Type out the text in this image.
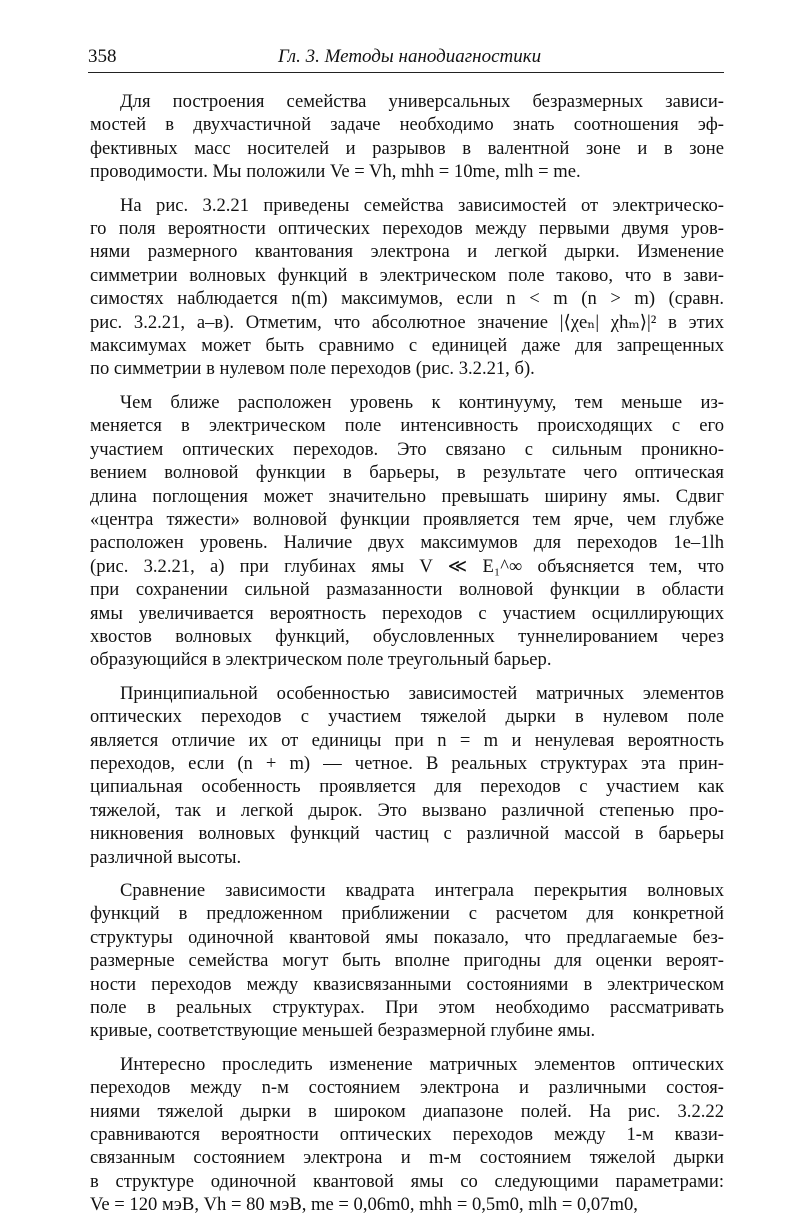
358	Гл. 3. Методы нанодиагностики
Для построения семейства универсальных безразмерных зависи-
мостей в двухчастичной задаче необходимо знать соотношения эф-
фективных масс носителей и разрывов в валентной зоне и в зоне
проводимости. Мы положили Ve = Vh, mhh = 10me, mlh = me.
На рис. 3.2.21 приведены семейства зависимостей от электрическо-
го поля вероятности оптических переходов между первыми двумя уров-
нями размерного квантования электрона и легкой дырки. Изменение
симметрии волновых функций в электрическом поле таково, что в зави-
симостях наблюдается n(m) максимумов, если n < m (n > m) (сравн.
рис. 3.2.21, а–в). Отметим, что абсолютное значение |⟨χeₙ| χhₘ⟩|² в этих
максимумах может быть сравнимо с единицей даже для запрещенных
по симметрии в нулевом поле переходов (рис. 3.2.21, б).
Чем ближе расположен уровень к континууму, тем меньше из-
меняется в электрическом поле интенсивность происходящих с его
участием оптических переходов. Это связано с сильным проникно-
вением волновой функции в барьеры, в результате чего оптическая
длина поглощения может значительно превышать ширину ямы. Сдвиг
«центра тяжести» волновой функции проявляется тем ярче, чем глубже
расположен уровень. Наличие двух максимумов для переходов 1e–1lh
(рис. 3.2.21, а) при глубинах ямы V ≪ E₁^∞ объясняется тем, что
при сохранении сильной размазанности волновой функции в области
ямы увеличивается вероятность переходов с участием осциллирующих
хвостов волновых функций, обусловленных туннелированием через
образующийся в электрическом поле треугольный барьер.
Принципиальной особенностью зависимостей матричных элементов
оптических переходов с участием тяжелой дырки в нулевом поле
является отличие их от единицы при n = m и ненулевая вероятность
переходов, если (n + m) — четное. В реальных структурах эта прин-
ципиальная особенность проявляется для переходов с участием как
тяжелой, так и легкой дырок. Это вызвано различной степенью про-
никновения волновых функций частиц с различной массой в барьеры
различной высоты.
Сравнение зависимости квадрата интеграла перекрытия волновых
функций в предложенном приближении с расчетом для конкретной
структуры одиночной квантовой ямы показало, что предлагаемые без-
размерные семейства могут быть вполне пригодны для оценки вероят-
ности переходов между квазисвязанными состояниями в электрическом
поле в реальных структурах. При этом необходимо рассматривать
кривые, соответствующие меньшей безразмерной глубине ямы.
Интересно проследить изменение матричных элементов оптических
переходов между n-м состоянием электрона и различными состоя-
ниями тяжелой дырки в широком диапазоне полей. На рис. 3.2.22
сравниваются вероятности оптических переходов между 1-м квази-
связанным состоянием электрона и m-м состоянием тяжелой дырки
в структуре одиночной квантовой ямы со следующими параметрами:
Ve = 120 мэВ, Vh = 80 мэВ, me = 0,06m0, mhh = 0,5m0, mlh = 0,07m0,
